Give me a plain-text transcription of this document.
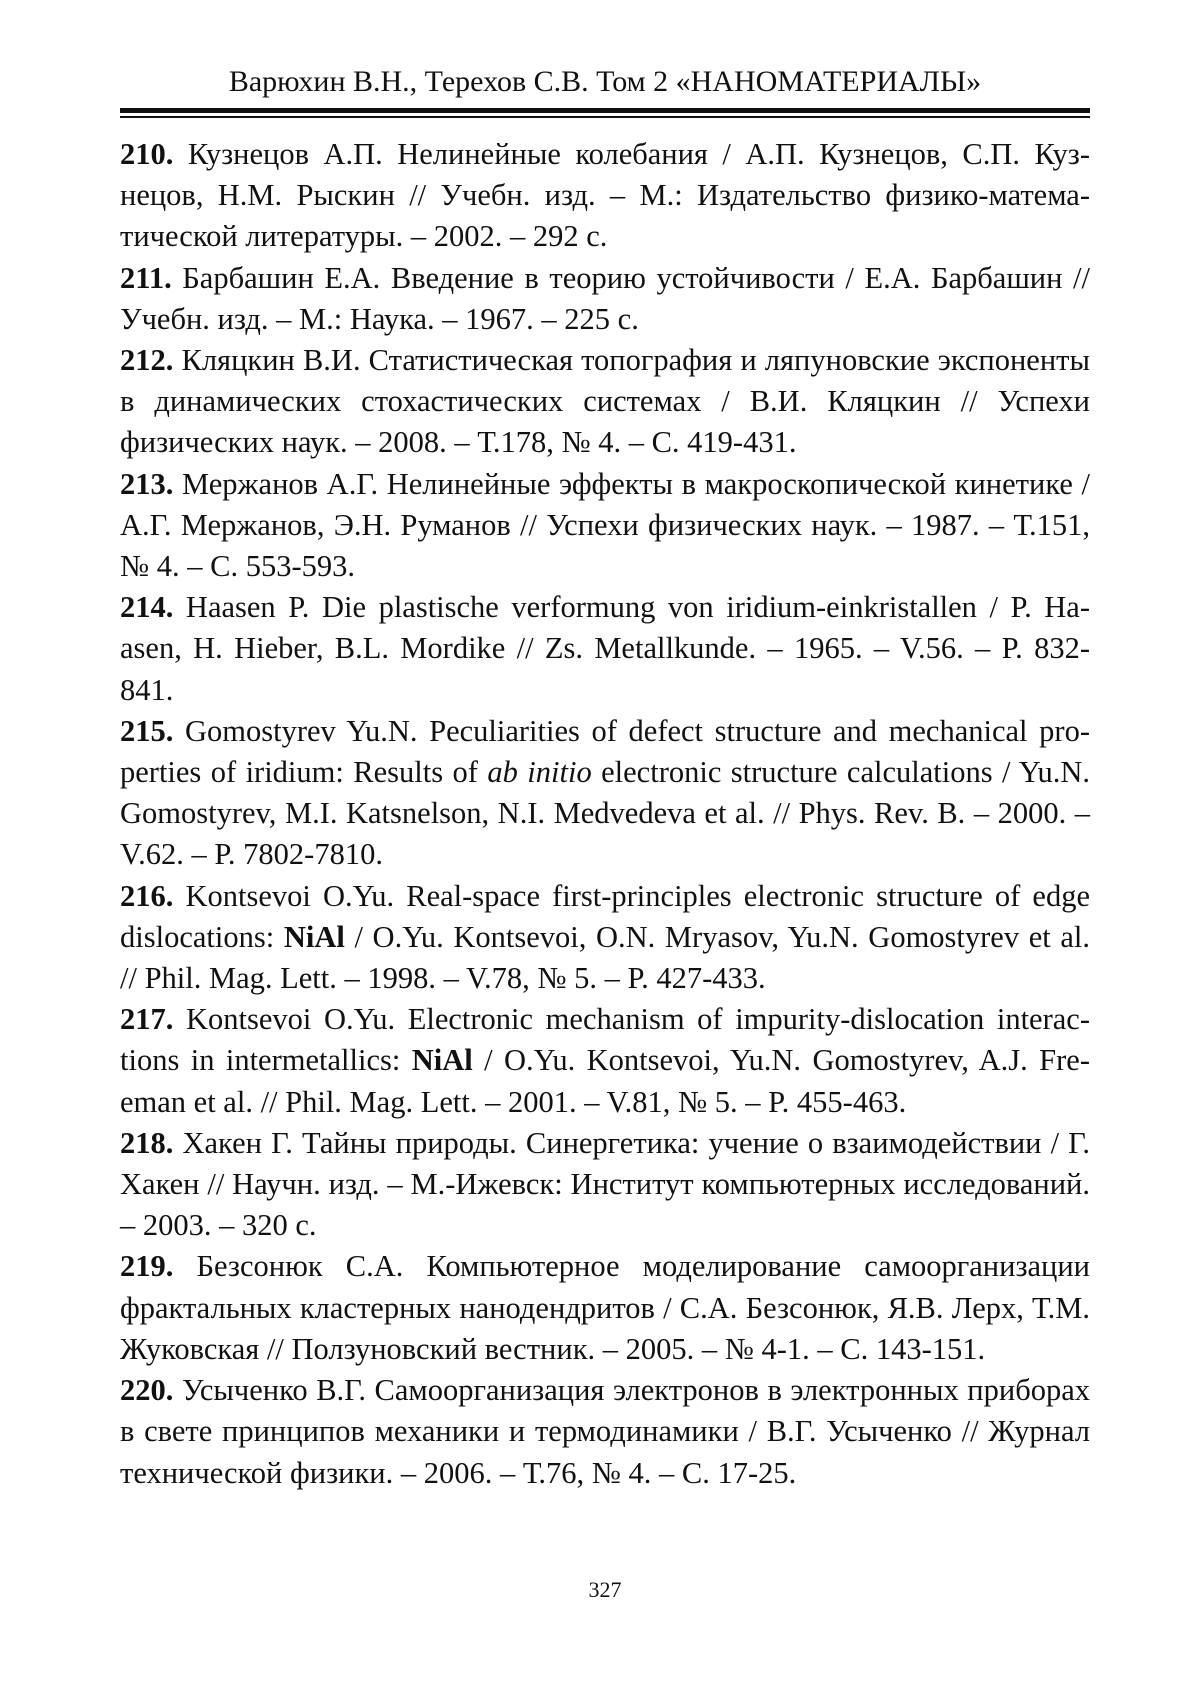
Варюхин В.Н., Терехов С.В. Том 2 «НАНОМАТЕРИАЛЫ»

210. Кузнецов А.П. Нелинейные колебания / А.П. Кузнецов, С.П. Кузнецов, Н.М. Рыскин // Учебн. изд. – М.: Издательство физико-математической литературы. – 2002. – 292 с.

211. Барбашин Е.А. Введение в теорию устойчивости / Е.А. Барбашин // Учебн. изд. – М.: Наука. – 1967. – 225 с.

212. Кляцкин В.И. Статистическая топография и ляпуновские экспоненты в динамических стохастических системах / В.И. Кляцкин // Успехи физических наук. – 2008. – Т.178, № 4. – С. 419-431.

213. Мержанов А.Г. Нелинейные эффекты в макроскопической кинетике / А.Г. Мержанов, Э.Н. Руманов // Успехи физических наук. – 1987. – Т.151, № 4. – С. 553-593.

214. Haasen P. Die plastische verformung von iridium-einkristallen / P. Haasen, H. Hieber, B.L. Mordike // Zs. Metallkunde. – 1965. – V.56. – P. 832-841.

215. Gomostyrev Yu.N. Peculiarities of defect structure and mechanical properties of iridium: Results of ab initio electronic structure calculations / Yu.N. Gomostyrev, M.I. Katsnelson, N.I. Medvedeva et al. // Phys. Rev. B. – 2000. – V.62. – P. 7802-7810.

216. Kontsevoi O.Yu. Real-space first-principles electronic structure of edge dislocations: NiAl / O.Yu. Kontsevoi, O.N. Mryasov, Yu.N. Gomostyrev et al. // Phil. Mag. Lett. – 1998. – V.78, № 5. – P. 427-433.

217. Kontsevoi O.Yu. Electronic mechanism of impurity-dislocation interactions in intermetallics: NiAl / O.Yu. Kontsevoi, Yu.N. Gomostyrev, A.J. Freeman et al. // Phil. Mag. Lett. – 2001. – V.81, № 5. – P. 455-463.

218. Хакен Г. Тайны природы. Синергетика: учение о взаимодействии / Г. Хакен // Научн. изд. – М.-Ижевск: Институт компьютерных исследований. – 2003. – 320 с.

219. Безсонюк С.А. Компьютерное моделирование самоорганизации фрактальных кластерных нанодендритов / С.А. Безсонюк, Я.В. Лерх, Т.М. Жуковская // Ползуновский вестник. – 2005. – № 4-1. – С. 143-151.

220. Усыченко В.Г. Самоорганизация электронов в электронных приборах в свете принципов механики и термодинамики / В.Г. Усыченко // Журнал технической физики. – 2006. – Т.76, № 4. – С. 17-25.

327
